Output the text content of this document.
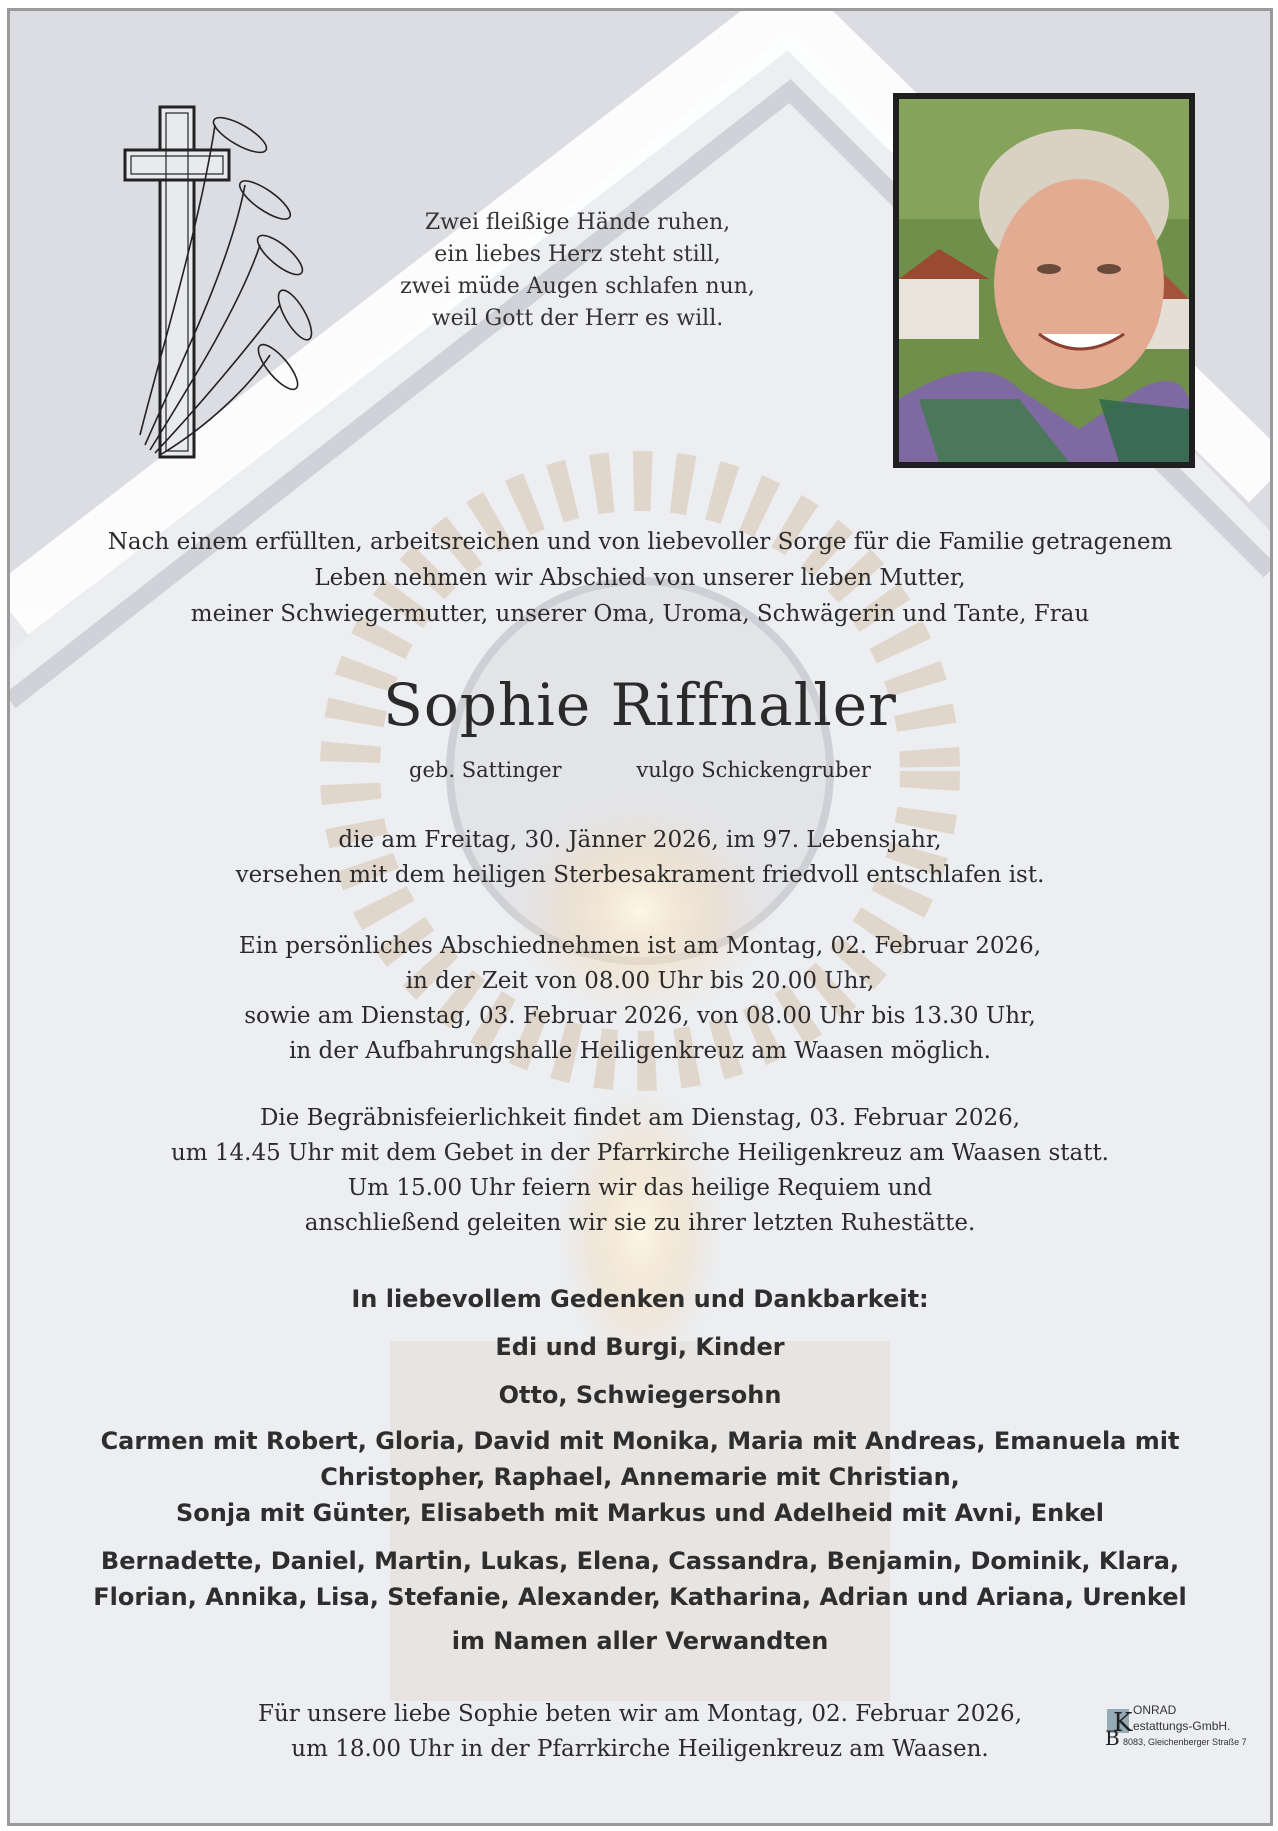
Zwei fleißige Hände ruhen,
ein liebes Herz steht still,
zwei müde Augen schlafen nun,
weil Gott der Herr es will.
Nach einem erfüllten, arbeitsreichen und von liebevoller Sorge für die Familie getragenem
Leben nehmen wir Abschied von unserer lieben Mutter,
meiner Schwiegermutter, unserer Oma, Uroma, Schwägerin und Tante, Frau
Sophie Riffnaller
geb. Sattinger	vulgo Schickengruber
die am Freitag, 30. Jänner 2026, im 97. Lebensjahr,
versehen mit dem heiligen Sterbesakrament friedvoll entschlafen ist.
Ein persönliches Abschiednehmen ist am Montag, 02. Februar 2026,
in der Zeit von 08.00 Uhr bis 20.00 Uhr,
sowie am Dienstag, 03. Februar 2026, von 08.00 Uhr bis 13.30 Uhr,
in der Aufbahrungshalle Heiligenkreuz am Waasen möglich.
Die Begräbnisfeierlichkeit findet am Dienstag, 03. Februar 2026,
um 14.45 Uhr mit dem Gebet in der Pfarrkirche Heiligenkreuz am Waasen statt.
Um 15.00 Uhr feiern wir das heilige Requiem und
anschließend geleiten wir sie zu ihrer letzten Ruhestätte.
In liebevollem Gedenken und Dankbarkeit:
Edi und Burgi, Kinder
Otto, Schwiegersohn
Carmen mit Robert, Gloria, David mit Monika, Maria mit Andreas, Emanuela mit
Christopher, Raphael, Annemarie mit Christian,
Sonja mit Günter, Elisabeth mit Markus und Adelheid mit Avni, Enkel
Bernadette, Daniel, Martin, Lukas, Elena, Cassandra, Benjamin, Dominik, Klara,
Florian, Annika, Lisa, Stefanie, Alexander, Katharina, Adrian und Ariana, Urenkel
im Namen aller Verwandten
Für unsere liebe Sophie beten wir am Montag, 02. Februar 2026,
um 18.00 Uhr in der Pfarrkirche Heiligenkreuz am Waasen.
K
B
ONRAD
estattungs-GmbH.
8083, Gleichenberger Straße 7
